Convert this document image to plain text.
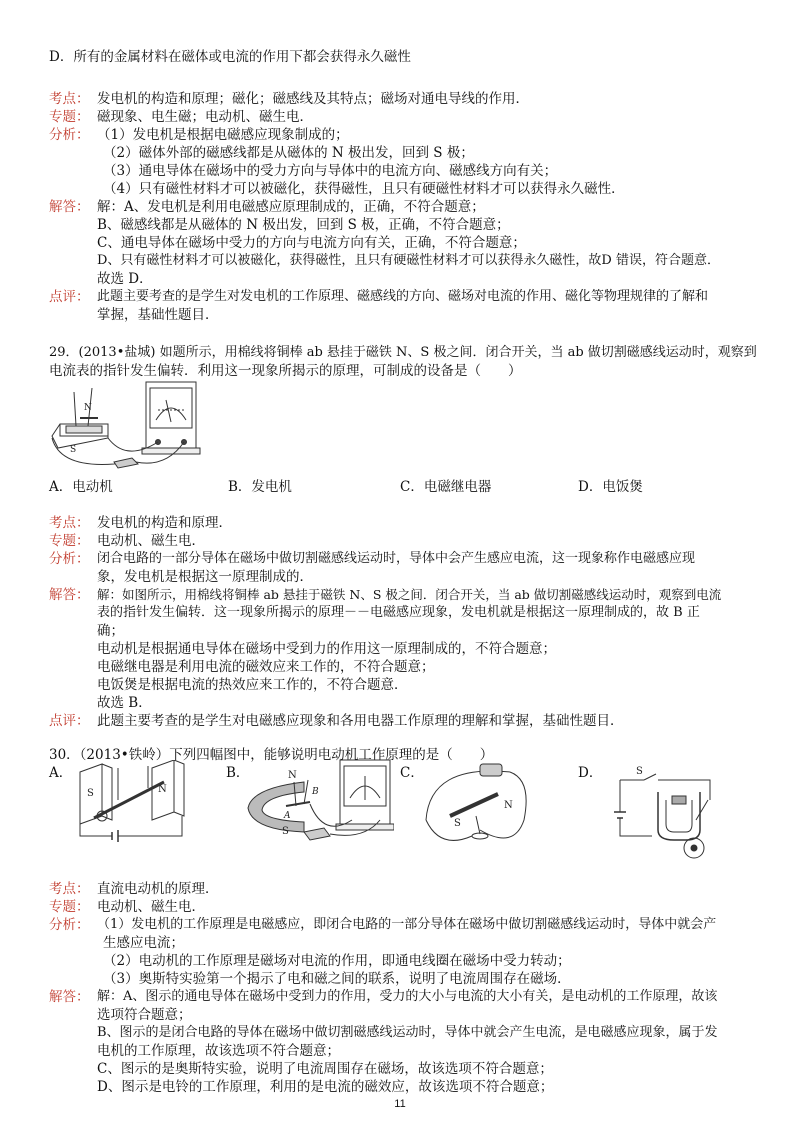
D．所有的金属材料在磁体或电流的作用下都会获得永久磁性
考点： 发电机的构造和原理；磁化；磁感线及其特点；磁场对通电导线的作用．
专题： 磁现象、电生磁；电动机、磁生电．
分析： （1）发电机是根据电磁感应现象制成的；
（2）磁体外部的磁感线都是从磁体的 N 极出发，回到 S 极；
（3）通电导体在磁场中的受力方向与导体中的电流方向、磁感线方向有关；
（4）只有磁性材料才可以被磁化，获得磁性，且只有硬磁性材料才可以获得永久磁性．
解答： 解：A、发电机是利用电磁感应原理制成的，正确，不符合题意；
B、磁感线都是从磁体的 N 极出发，回到 S 极，正确，不符合题意；
C、通电导体在磁场中受力的方向与电流方向有关，正确，不符合题意；
D、只有磁性材料才可以被磁化，获得磁性，且只有硬磁性材料才可以获得永久磁性，故D 错误，符合题意．
故选 D．
点评： 此题主要考查的是学生对发电机的工作原理、磁感线的方向、磁场对电流的作用、磁化等物理规律的了解和
掌握，基础性题目．
29．(2013•盐城) 如题所示，用棉线将铜棒 ab 悬挂于磁铁 N、S 极之间．闭合开关，当 ab 做切割磁感线运动时，观察到
电流表的指针发生偏转．利用这一现象所揭示的原理，可制成的设备是（　　）
N
S
A．电动机	B．发电机	C．电磁继电器	D．电饭煲
考点： 发电机的构造和原理．
专题： 电动机、磁生电．
分析： 闭合电路的一部分导体在磁场中做切割磁感线运动时，导体中会产生感应电流，这一现象称作电磁感应现
象，发电机是根据这一原理制成的．
解答： 解：如图所示，用棉线将铜棒 ab 悬挂于磁铁 N、S 极之间．闭合开关，当 ab 做切割磁感线运动时，观察到电流
表的指针发生偏转．这一现象所揭示的原理－－电磁感应现象，发电机就是根据这一原理制成的，故 B 正
确；
电动机是根据通电导体在磁场中受到力的作用这一原理制成的，不符合题意；
电磁继电器是利用电流的磁效应来工作的，不符合题意；
电饭煲是根据电流的热效应来工作的，不符合题意．
故选 B．
点评： 此题主要考查的是学生对电磁感应现象和各用电器工作原理的理解和掌握，基础性题目．
30．（2013•铁岭）下列四幅图中，能够说明电动机工作原理的是（　　）
A．	B．	C．	D．
S	N
N
B
A
S
S
N
S
考点： 直流电动机的原理．
专题： 电动机、磁生电．
分析： （1）发电机的工作原理是电磁感应，即闭合电路的一部分导体在磁场中做切割磁感线运动时，导体中就会产
生感应电流；
（2）电动机的工作原理是磁场对电流的作用，即通电线圈在磁场中受力转动；
（3）奥斯特实验第一个揭示了电和磁之间的联系，说明了电流周围存在磁场．
解答： 解：A、图示的通电导体在磁场中受到力的作用，受力的大小与电流的大小有关，是电动机的工作原理，故该
选项符合题意；
B、图示的是闭合电路的导体在磁场中做切割磁感线运动时，导体中就会产生电流，是电磁感应现象，属于发
电机的工作原理，故该选项不符合题意；
C、图示的是奥斯特实验，说明了电流周围存在磁场，故该选项不符合题意；
D、图示是电铃的工作原理，利用的是电流的磁效应，故该选项不符合题意；
11
